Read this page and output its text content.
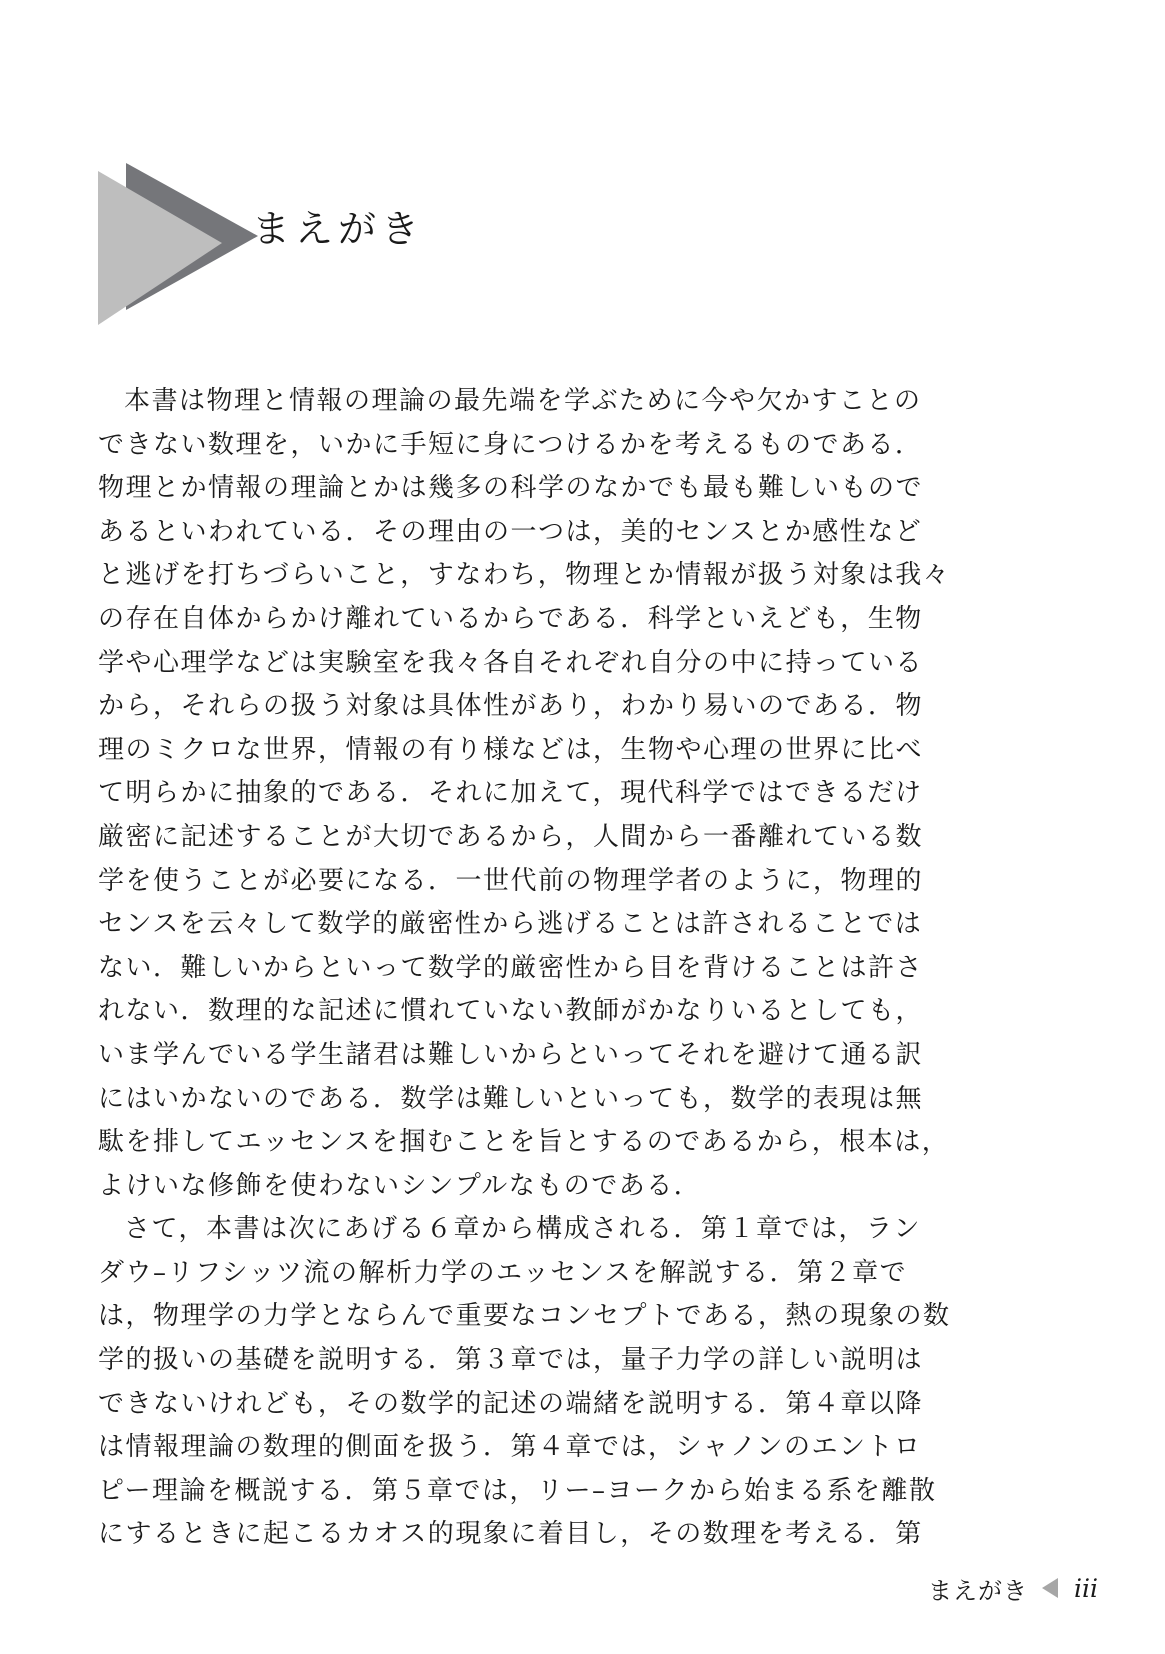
まえがき
本書は物理と情報の理論の最先端を学ぶために今や欠かすことの
できない数理を，いかに手短に身につけるかを考えるものである．
物理とか情報の理論とかは幾多の科学のなかでも最も難しいもので
あるといわれている．その理由の一つは，美的センスとか感性など
と逃げを打ちづらいこと，すなわち，物理とか情報が扱う対象は我々
の存在自体からかけ離れているからである．科学といえども，生物
学や心理学などは実験室を我々各自それぞれ自分の中に持っている
から，それらの扱う対象は具体性があり，わかり易いのである．物
理のミクロな世界，情報の有り様などは，生物や心理の世界に比べ
て明らかに抽象的である．それに加えて，現代科学ではできるだけ
厳密に記述することが大切であるから，人間から一番離れている数
学を使うことが必要になる．一世代前の物理学者のように，物理的
センスを云々して数学的厳密性から逃げることは許されることでは
ない．難しいからといって数学的厳密性から目を背けることは許さ
れない．数理的な記述に慣れていない教師がかなりいるとしても，
いま学んでいる学生諸君は難しいからといってそれを避けて通る訳
にはいかないのである．数学は難しいといっても，数学的表現は無
駄を排してエッセンスを掴むことを旨とするのであるから，根本は，
よけいな修飾を使わないシンプルなものである．
さて，本書は次にあげる６章から構成される．第１章では，ラン
ダウ–リフシッツ流の解析力学のエッセンスを解説する．第２章で
は，物理学の力学とならんで重要なコンセプトである，熱の現象の数
学的扱いの基礎を説明する．第３章では，量子力学の詳しい説明は
できないけれども，その数学的記述の端緒を説明する．第４章以降
は情報理論の数理的側面を扱う．第４章では，シャノンのエントロ
ピー理論を概説する．第５章では，リー–ヨークから始まる系を離散
にするときに起こるカオス的現象に着目し，その数理を考える．第
まえがき iii
